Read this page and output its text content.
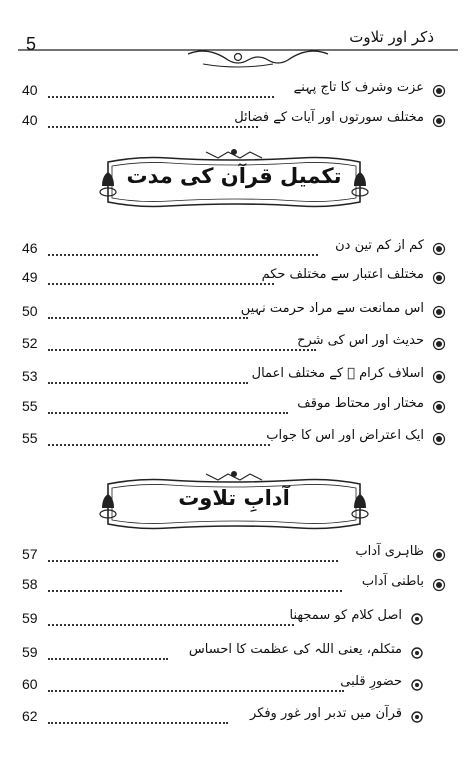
5	ذکر اور تلاوت
40	عزت وشرف کا تاج پہنے
40	مختلف سورتوں اور آیات کے فضائل
تکمیل قرآن کی مدت
46	کم از کم تین دن
49	مختلف اعتبار سے مختلف حکم
50	اس ممانعت سے مراد حرمت نہیں
52	حدیث اور اس کی شرح
53	اسلاف کرام ﷭ کے مختلف اعمال
55	مختار اور محتاط موقف
55	ایک اعتراض اور اس کا جواب
آدابِ تلاوت
57	ظاہری آداب
58	باطنی آداب
59	اصل کلام کو سمجھنا
59	متکلم، یعنی اللہ کی عظمت کا احساس
60	حضورِ قلبی
62	قرآن میں تدبر اور غور وفکر
